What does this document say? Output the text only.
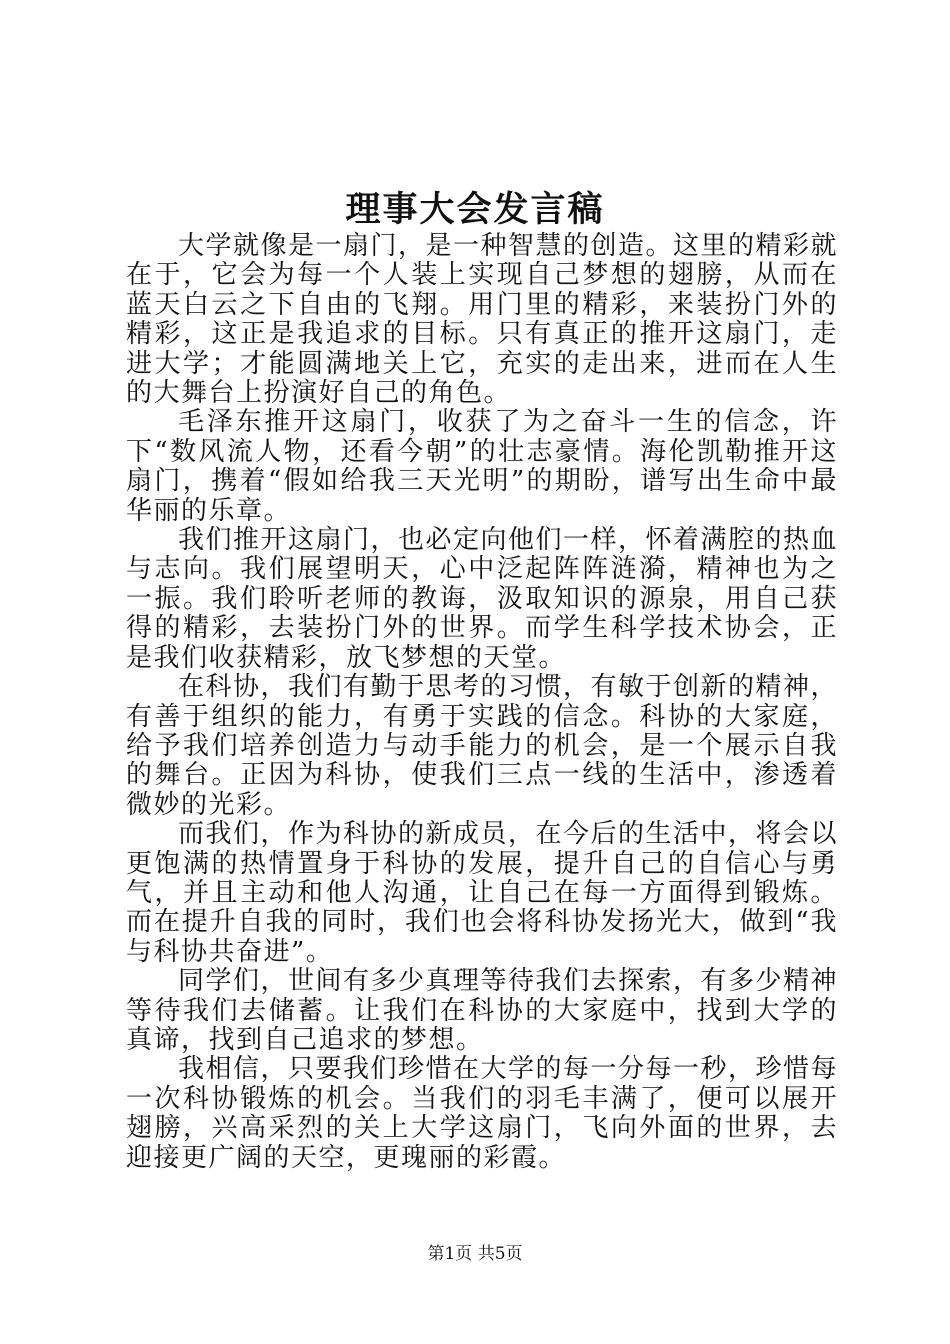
理事大会发言稿

大学就像是一扇门，是一种智慧的创造。这里的精彩就在于，它会为每一个人装上实现自己梦想的翅膀，从而在蓝天白云之下自由的飞翔。用门里的精彩，来装扮门外的精彩，这正是我追求的目标。只有真正的推开这扇门，走进大学；才能圆满地关上它，充实的走出来，进而在人生的大舞台上扮演好自己的角色。

毛泽东推开这扇门，收获了为之奋斗一生的信念，许下“数风流人物，还看今朝”的壮志豪情。海伦凯勒推开这扇门，携着“假如给我三天光明”的期盼，谱写出生命中最华丽的乐章。

我们推开这扇门，也必定向他们一样，怀着满腔的热血与志向。我们展望明天，心中泛起阵阵涟漪，精神也为之一振。我们聆听老师的教诲，汲取知识的源泉，用自己获得的精彩，去装扮门外的世界。而学生科学技术协会，正是我们收获精彩，放飞梦想的天堂。

在科协，我们有勤于思考的习惯，有敏于创新的精神，有善于组织的能力，有勇于实践的信念。科协的大家庭，给予我们培养创造力与动手能力的机会，是一个展示自我的舞台。正因为科协，使我们三点一线的生活中，渗透着微妙的光彩。

而我们，作为科协的新成员，在今后的生活中，将会以更饱满的热情置身于科协的发展，提升自己的自信心与勇气，并且主动和他人沟通，让自己在每一方面得到锻炼。而在提升自我的同时，我们也会将科协发扬光大，做到“我与科协共奋进”。

同学们，世间有多少真理等待我们去探索，有多少精神等待我们去储蓄。让我们在科协的大家庭中，找到大学的真谛，找到自己追求的梦想。

我相信，只要我们珍惜在大学的每一分每一秒，珍惜每一次科协锻炼的机会。当我们的羽毛丰满了，便可以展开翅膀，兴高采烈的关上大学这扇门，飞向外面的世界，去迎接更广阔的天空，更瑰丽的彩霞。

第1页 共5页
